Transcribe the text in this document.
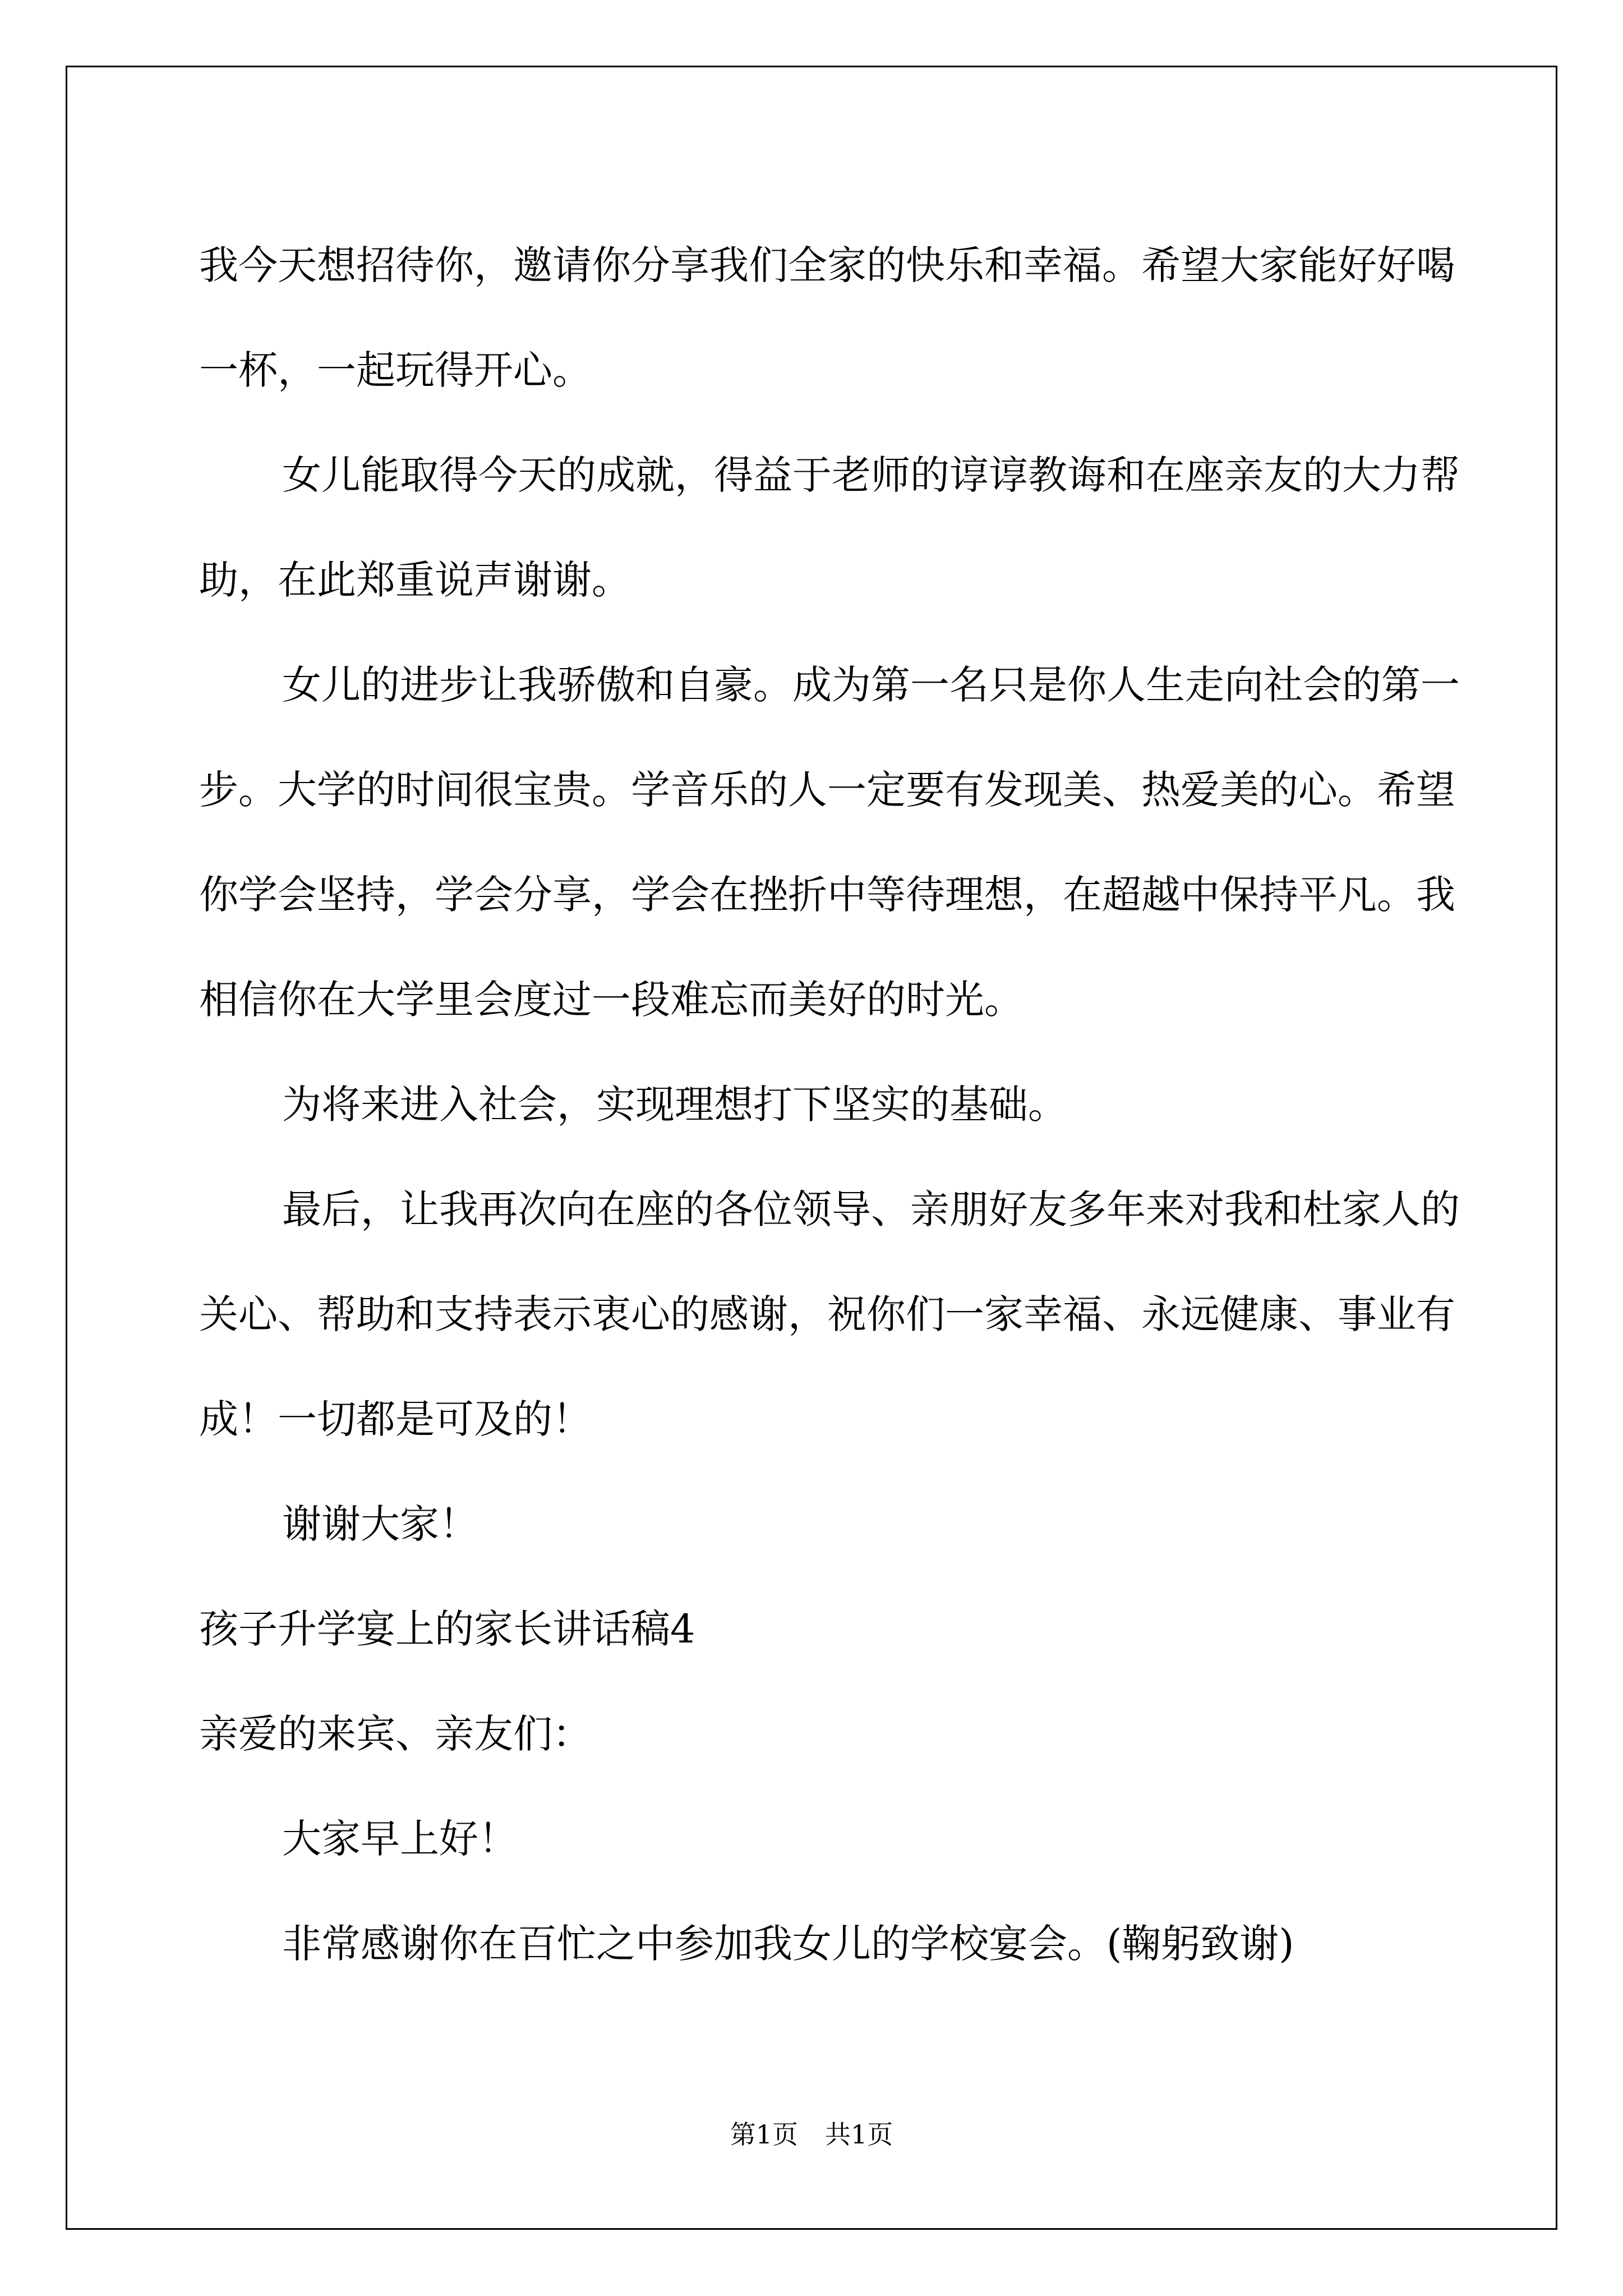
我今天想招待你，邀请你分享我们全家的快乐和幸福。希望大家能好好喝一杯，一起玩得开心。

女儿能取得今天的成就，得益于老师的谆谆教诲和在座亲友的大力帮助，在此郑重说声谢谢。

女儿的进步让我骄傲和自豪。成为第一名只是你人生走向社会的第一步。大学的时间很宝贵。学音乐的人一定要有发现美、热爱美的心。希望你学会坚持，学会分享，学会在挫折中等待理想，在超越中保持平凡。我相信你在大学里会度过一段难忘而美好的时光。

为将来进入社会，实现理想打下坚实的基础。

最后，让我再次向在座的各位领导、亲朋好友多年来对我和杜家人的关心、帮助和支持表示衷心的感谢，祝你们一家幸福、永远健康、事业有成！一切都是可及的！

谢谢大家！

孩子升学宴上的家长讲话稿4

亲爱的来宾、亲友们：

大家早上好！

非常感谢你在百忙之中参加我女儿的学校宴会。(鞠躬致谢)

第1页 共1页
